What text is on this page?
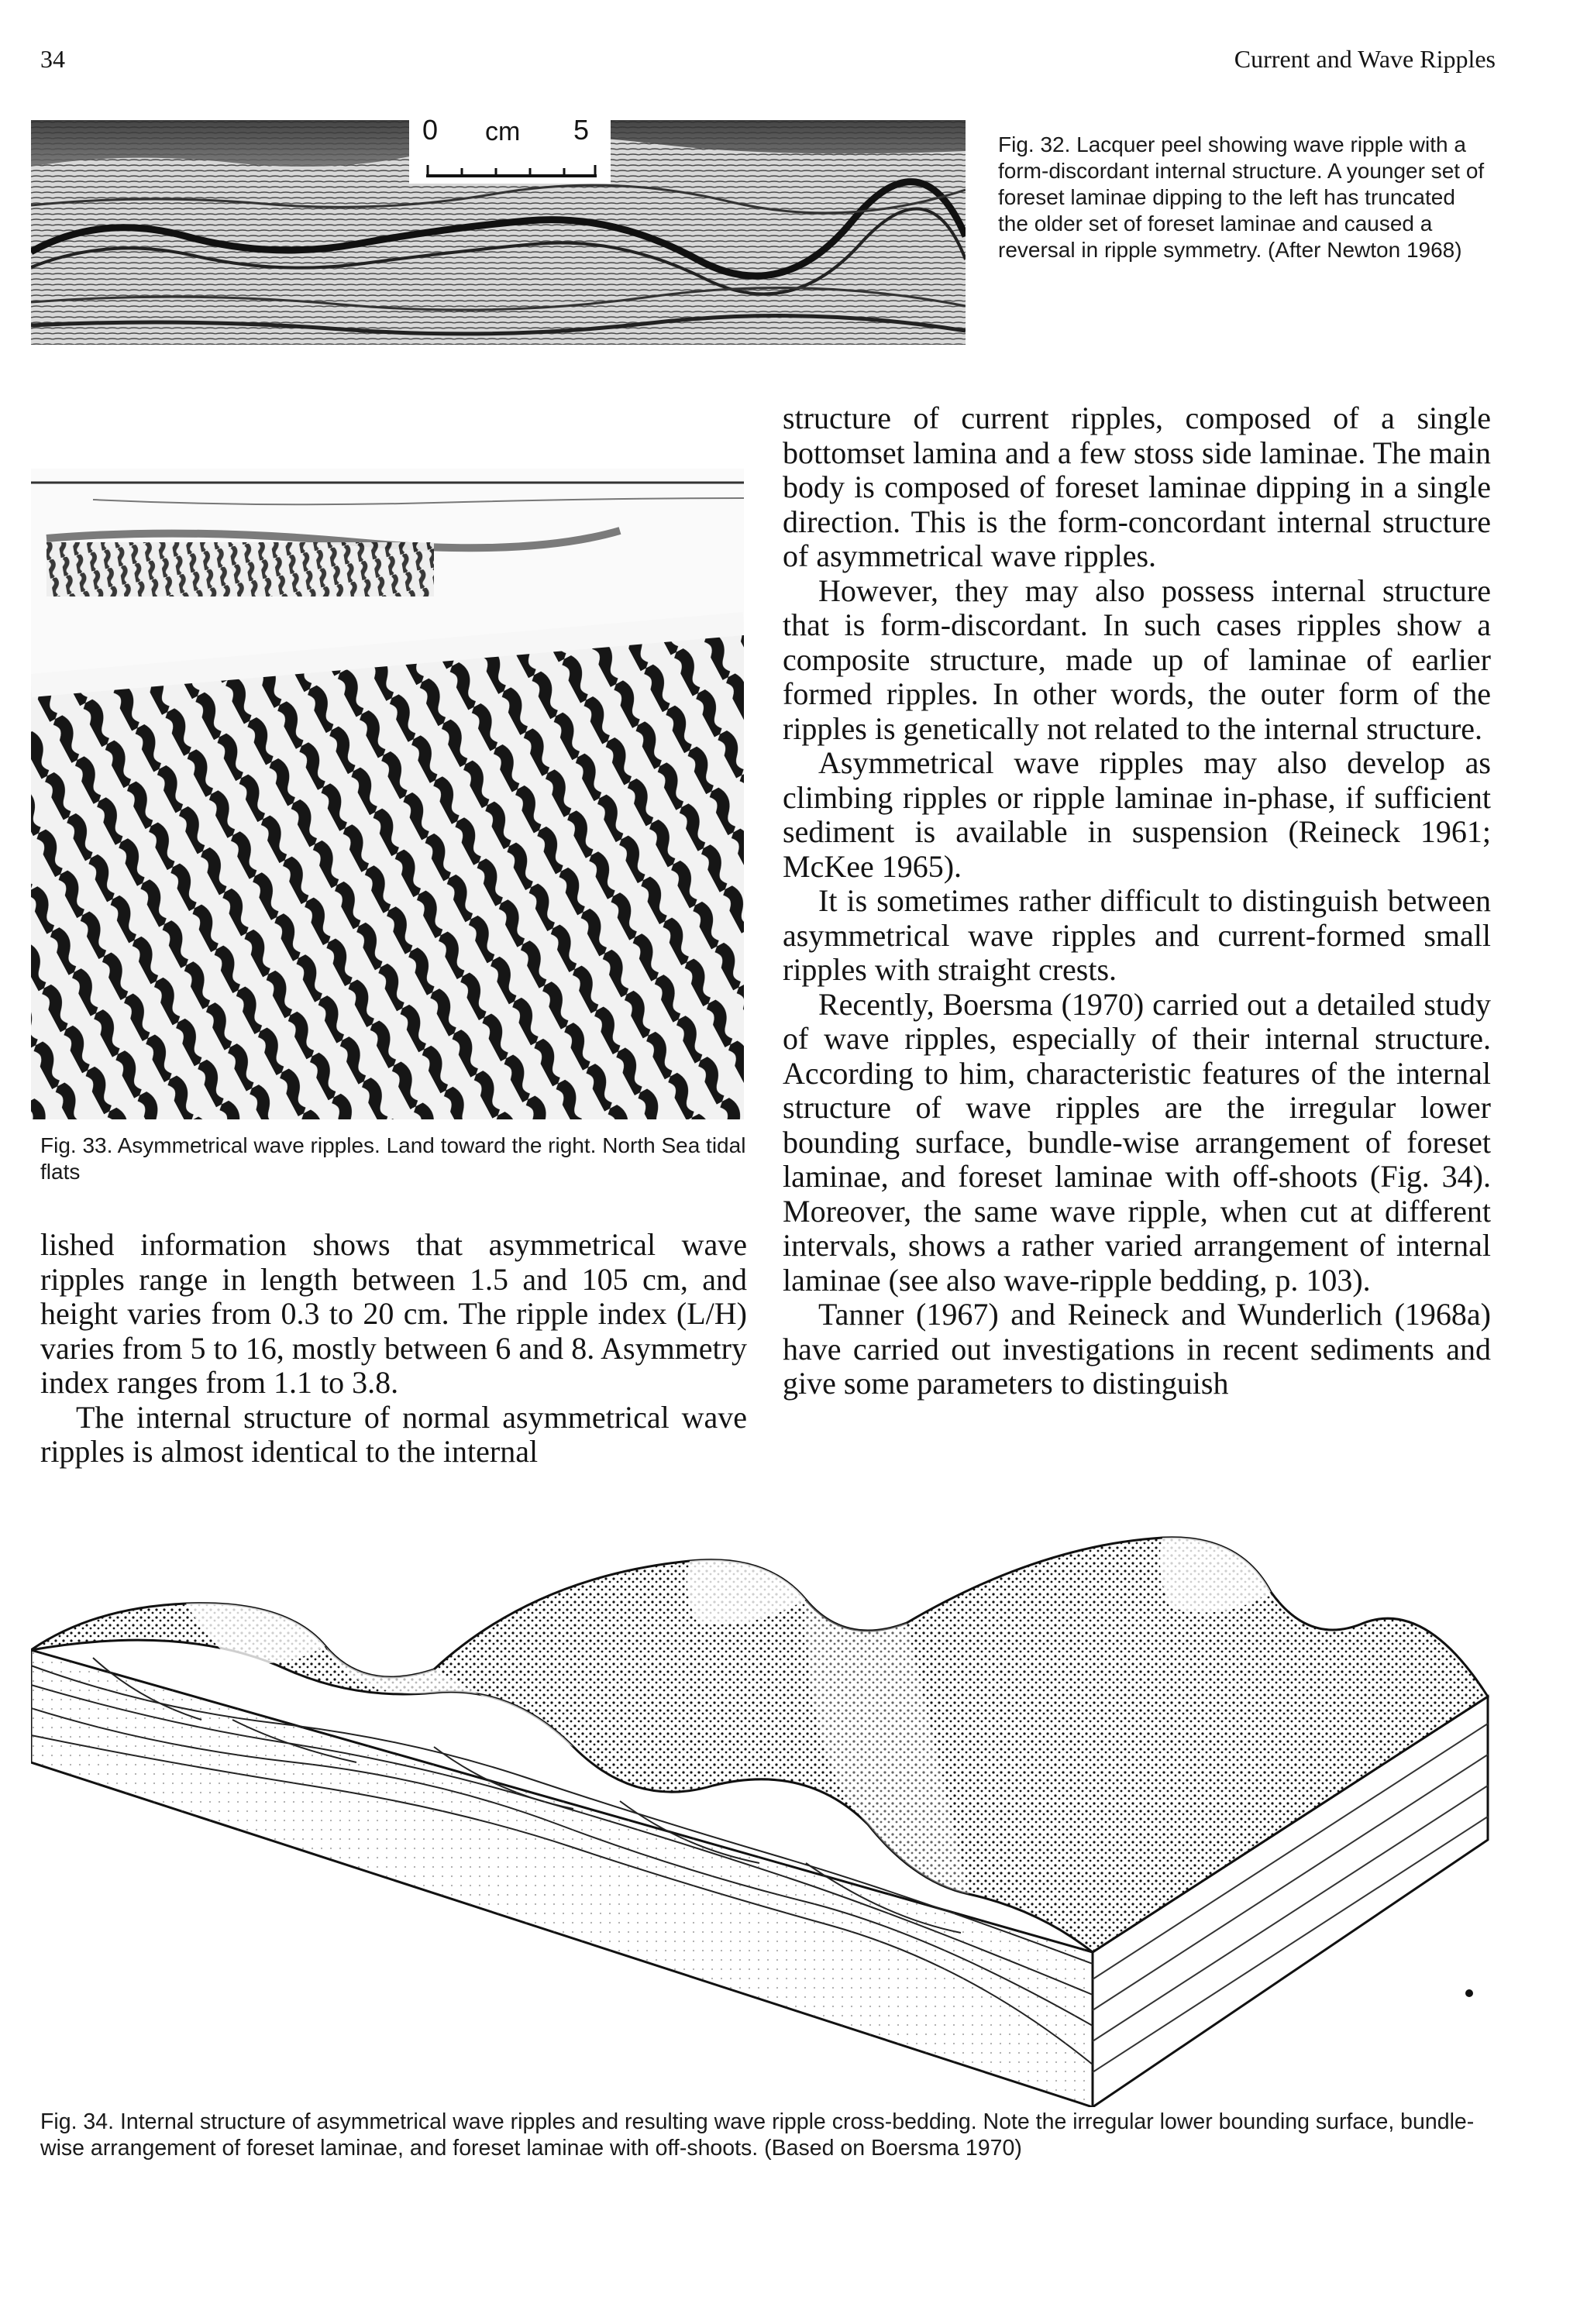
34	Current and Wave Ripples
0 cm 5	Fig. 32. Lacquer peel showing wave ripple with a form-discordant internal structure. A younger set of foreset laminae dipping to the left has truncated the older set of foreset laminae and caused a reversal in ripple symmetry. (After Newton 1968)
Fig. 33. Asymmetrical wave ripples. Land toward the right. North Sea tidal flats

lished information shows that asymmetrical wave ripples range in length between 1.5 and 105 cm, and height varies from 0.3 to 20 cm. The ripple index (L/H) varies from 5 to 16, mostly between 6 and 8. Asymmetry index ranges from 1.1 to 3.8.

The internal structure of normal asymmetrical wave ripples is almost identical to the internal

structure of current ripples, composed of a single bottomset lamina and a few stoss side laminae. The main body is composed of foreset laminae dipping in a single direction. This is the form-concordant internal structure of asymmetrical wave ripples.

However, they may also possess internal structure that is form-discordant. In such cases ripples show a composite structure, made up of laminae of earlier formed ripples. In other words, the outer form of the ripples is genetically not related to the internal structure.

Asymmetrical wave ripples may also develop as climbing ripples or ripple laminae in-phase, if sufficient sediment is available in suspension (Reineck 1961; McKee 1965).

It is sometimes rather difficult to distinguish between asymmetrical wave ripples and current-formed small ripples with straight crests.

Recently, Boersma (1970) carried out a detailed study of wave ripples, especially of their internal structure. According to him, characteristic features of the internal structure of wave ripples are the irregular lower bounding surface, bundle-wise arrangement of foreset laminae, and foreset laminae with off-shoots (Fig. 34). Moreover, the same wave ripple, when cut at different intervals, shows a rather varied arrangement of internal laminae (see also wave-ripple bedding, p. 103).

Tanner (1967) and Reineck and Wunderlich (1968a) have carried out investigations in recent sediments and give some parameters to distinguish

Fig. 34. Internal structure of asymmetrical wave ripples and resulting wave ripple cross-bedding. Note the irregular lower bounding surface, bundle-wise arrangement of foreset laminae, and foreset laminae with off-shoots. (Based on Boersma 1970)
